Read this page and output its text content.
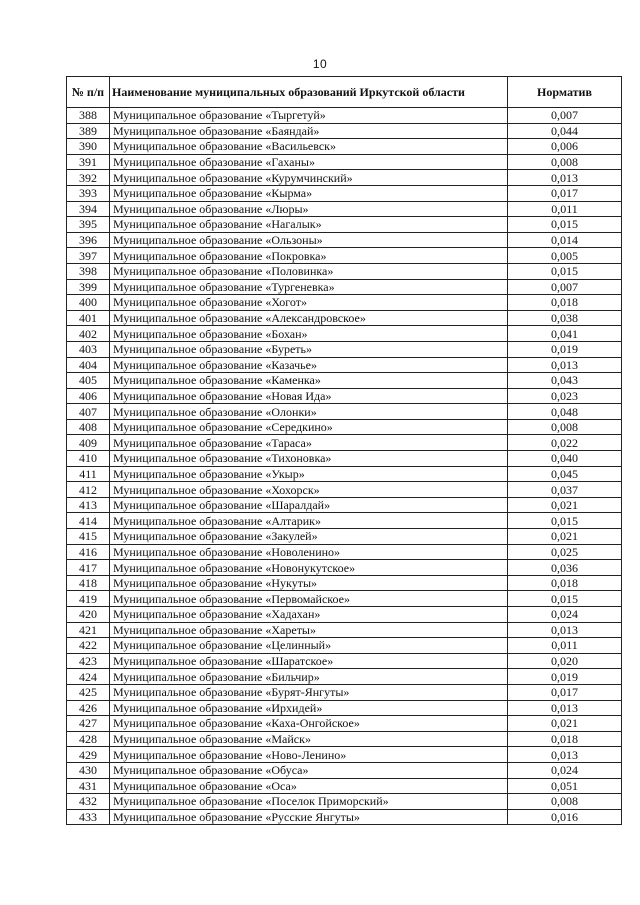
10
№ п/п	Наименование муниципальных образований Иркутской области	Норматив
388	Муниципальное образование «Тыргетуй»	0,007
389	Муниципальное образование «Баяндай»	0,044
390	Муниципальное образование «Васильевск»	0,006
391	Муниципальное образование «Гаханы»	0,008
392	Муниципальное образование «Курумчинский»	0,013
393	Муниципальное образование «Кырма»	0,017
394	Муниципальное образование «Люры»	0,011
395	Муниципальное образование «Нагалык»	0,015
396	Муниципальное образование «Ользоны»	0,014
397	Муниципальное образование «Покровка»	0,005
398	Муниципальное образование «Половинка»	0,015
399	Муниципальное образование «Тургеневка»	0,007
400	Муниципальное образование «Хогот»	0,018
401	Муниципальное образование «Александровское»	0,038
402	Муниципальное образование «Бохан»	0,041
403	Муниципальное образование «Буреть»	0,019
404	Муниципальное образование «Казачье»	0,013
405	Муниципальное образование «Каменка»	0,043
406	Муниципальное образование «Новая Ида»	0,023
407	Муниципальное образование «Олонки»	0,048
408	Муниципальное образование «Середкино»	0,008
409	Муниципальное образование «Тараса»	0,022
410	Муниципальное образование «Тихоновка»	0,040
411	Муниципальное образование «Укыр»	0,045
412	Муниципальное образование «Хохорск»	0,037
413	Муниципальное образование «Шаралдай»	0,021
414	Муниципальное образование «Алтарик»	0,015
415	Муниципальное образование «Закулей»	0,021
416	Муниципальное образование «Новоленино»	0,025
417	Муниципальное образование «Новонукутское»	0,036
418	Муниципальное образование «Нукуты»	0,018
419	Муниципальное образование «Первомайское»	0,015
420	Муниципальное образование «Хадахан»	0,024
421	Муниципальное образование «Хареты»	0,013
422	Муниципальное образование «Целинный»	0,011
423	Муниципальное образование «Шаратское»	0,020
424	Муниципальное образование «Бильчир»	0,019
425	Муниципальное образование «Бурят-Янгуты»	0,017
426	Муниципальное образование «Ирхидей»	0,013
427	Муниципальное образование «Каха-Онгойское»	0,021
428	Муниципальное образование «Майск»	0,018
429	Муниципальное образование «Ново-Ленино»	0,013
430	Муниципальное образование «Обуса»	0,024
431	Муниципальное образование «Оса»	0,051
432	Муниципальное образование «Поселок Приморский»	0,008
433	Муниципальное образование «Русские Янгуты»	0,016
